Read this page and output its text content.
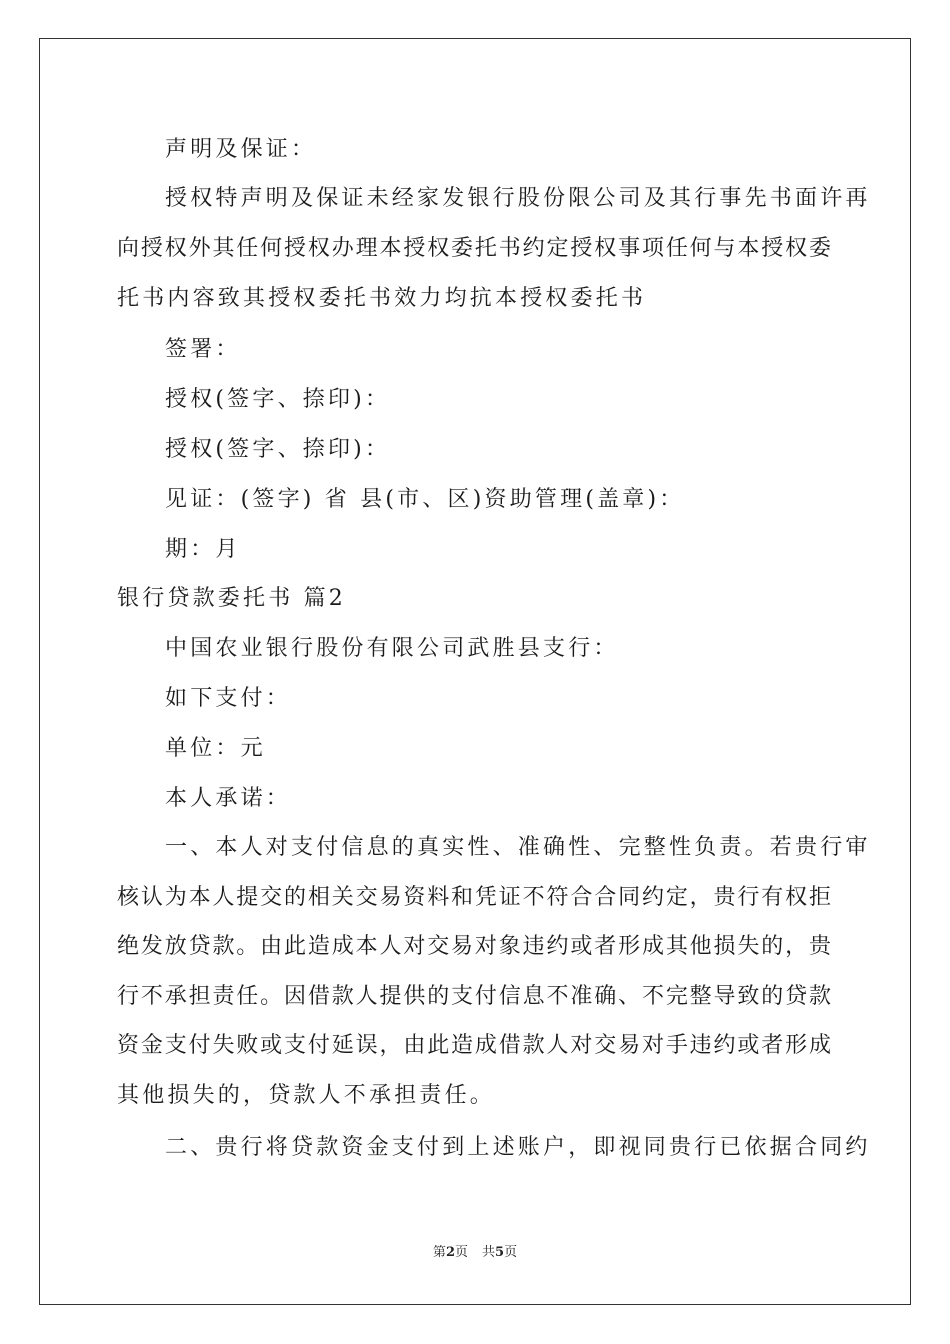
声明及保证：
授权特声明及保证未经家发银行股份限公司及其行事先书面许再
向授权外其任何授权办理本授权委托书约定授权事项任何与本授权委
托书内容致其授权委托书效力均抗本授权委托书
签署：
授权(签字、捺印)：
授权(签字、捺印)：
见证：(签字) 省 县(市、区)资助管理(盖章)：
期：月
银行贷款委托书 篇2
中国农业银行股份有限公司武胜县支行：
如下支付：
单位：元
本人承诺：
一、本人对支付信息的真实性、准确性、完整性负责。若贵行审
核认为本人提交的相关交易资料和凭证不符合合同约定，贵行有权拒
绝发放贷款。由此造成本人对交易对象违约或者形成其他损失的，贵
行不承担责任。因借款人提供的支付信息不准确、不完整导致的贷款
资金支付失败或支付延误，由此造成借款人对交易对手违约或者形成
其他损失的，贷款人不承担责任。
二、贵行将贷款资金支付到上述账户，即视同贵行已依据合同约
第2页 共5页
